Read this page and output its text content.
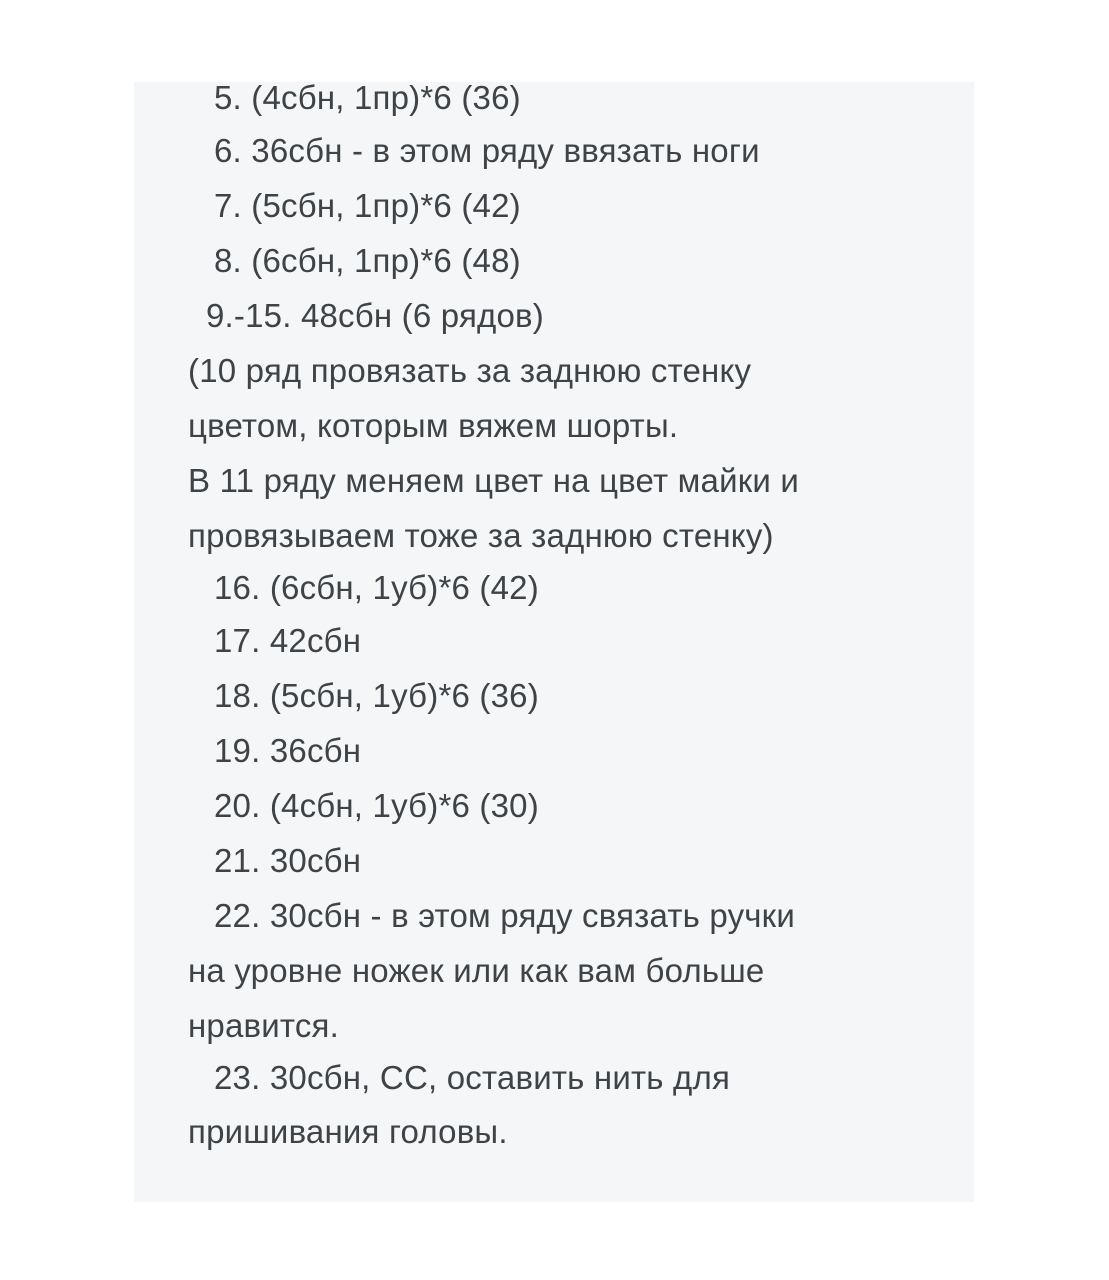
5. (4сбн, 1пр)*6 (36)
6. 36сбн - в этом ряду ввязать ноги
7. (5сбн, 1пр)*6 (42)
8. (6сбн, 1пр)*6 (48)
9.-15. 48сбн (6 рядов)
(10 ряд провязать за заднюю стенку
цветом, которым вяжем шорты.
В 11 ряду меняем цвет на цвет майки и
провязываем тоже за заднюю стенку)
16. (6сбн, 1уб)*6 (42)
17. 42сбн
18. (5сбн, 1уб)*6 (36)
19. 36сбн
20. (4сбн, 1уб)*6 (30)
21. 30сбн
22. 30сбн - в этом ряду связать ручки
на уровне ножек или как вам больше
нравится.
23. 30сбн, СС, оставить нить для
пришивания головы.
